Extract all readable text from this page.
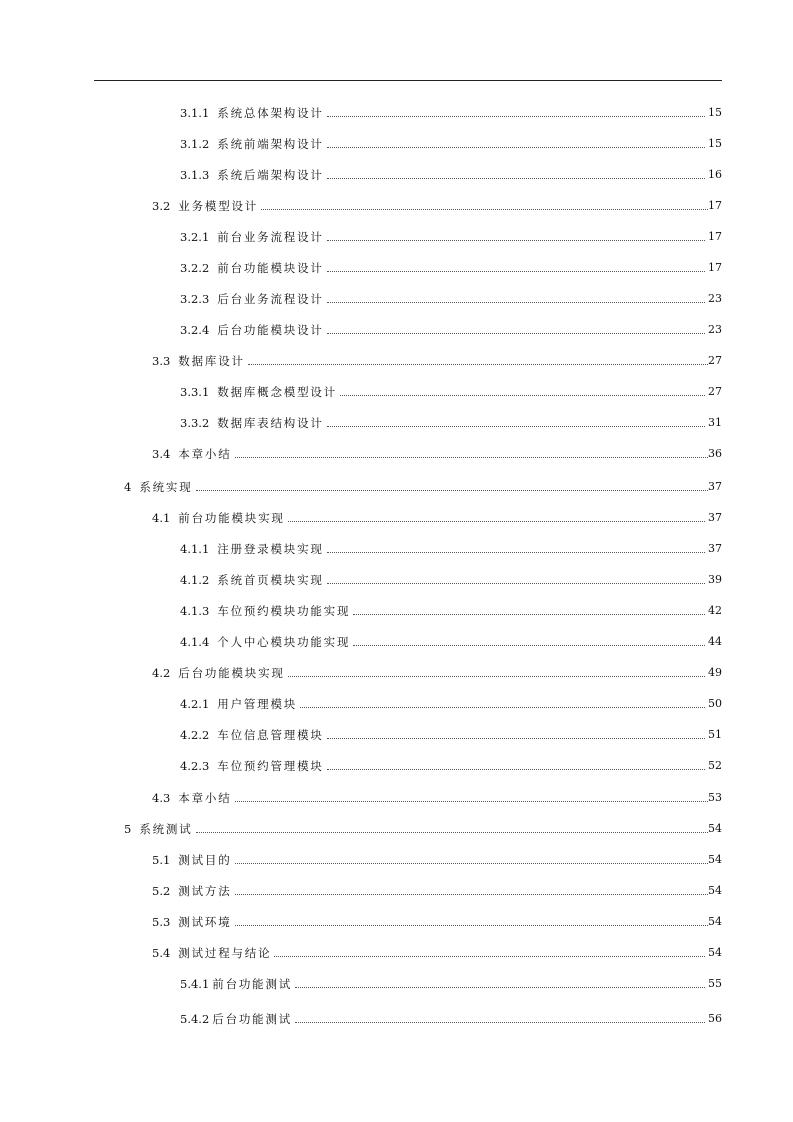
3.1.1 系统总体架构设计	15
3.1.2 系统前端架构设计	15
3.1.3 系统后端架构设计	16
3.2 业务模型设计	17
3.2.1 前台业务流程设计	17
3.2.2 前台功能模块设计	17
3.2.3 后台业务流程设计	23
3.2.4 后台功能模块设计	23
3.3 数据库设计	27
3.3.1 数据库概念模型设计	27
3.3.2 数据库表结构设计	31
3.4 本章小结	36
4 系统实现	37
4.1 前台功能模块实现	37
4.1.1 注册登录模块实现	37
4.1.2 系统首页模块实现	39
4.1.3 车位预约模块功能实现	42
4.1.4 个人中心模块功能实现	44
4.2 后台功能模块实现	49
4.2.1 用户管理模块	50
4.2.2 车位信息管理模块	51
4.2.3 车位预约管理模块	52
4.3 本章小结	53
5 系统测试	54
5.1 测试目的	54
5.2 测试方法	54
5.3 测试环境	54
5.4 测试过程与结论	54
5.4.1 前台功能测试	55
5.4.2 后台功能测试	56
